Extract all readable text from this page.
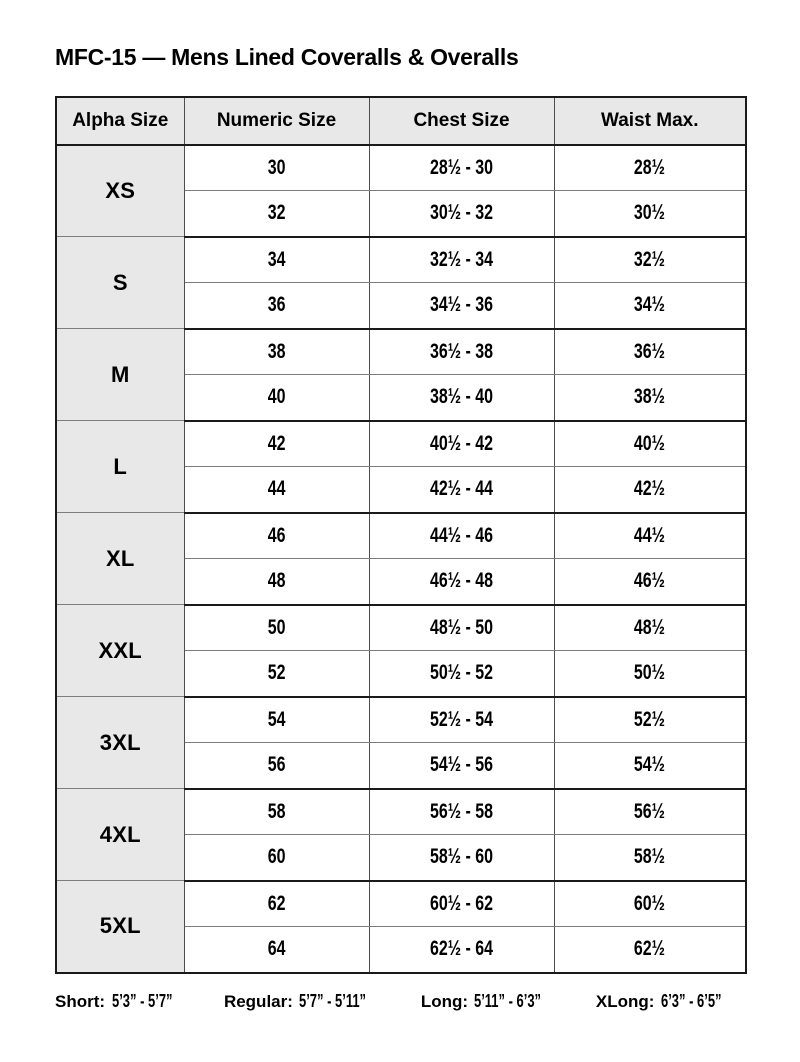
MFC-15 — Mens Lined Coveralls & Overalls
Alpha Size	Numeric Size	Chest Size	Waist Max.
XS	30	28½ - 30	28½
	32	30½ - 32	30½
S	34	32½ - 34	32½
	36	34½ - 36	34½
M	38	36½ - 38	36½
	40	38½ - 40	38½
L	42	40½ - 42	40½
	44	42½ - 44	42½
XL	46	44½ - 46	44½
	48	46½ - 48	46½
XXL	50	48½ - 50	48½
	52	50½ - 52	50½
3XL	54	52½ - 54	52½
	56	54½ - 56	54½
4XL	58	56½ - 58	56½
	60	58½ - 60	58½
5XL	62	60½ - 62	60½
	64	62½ - 64	62½
Short: 5’3” - 5’7”	Regular: 5’7” - 5’11”	Long: 5’11” - 6’3”	XLong: 6’3” - 6’5”
